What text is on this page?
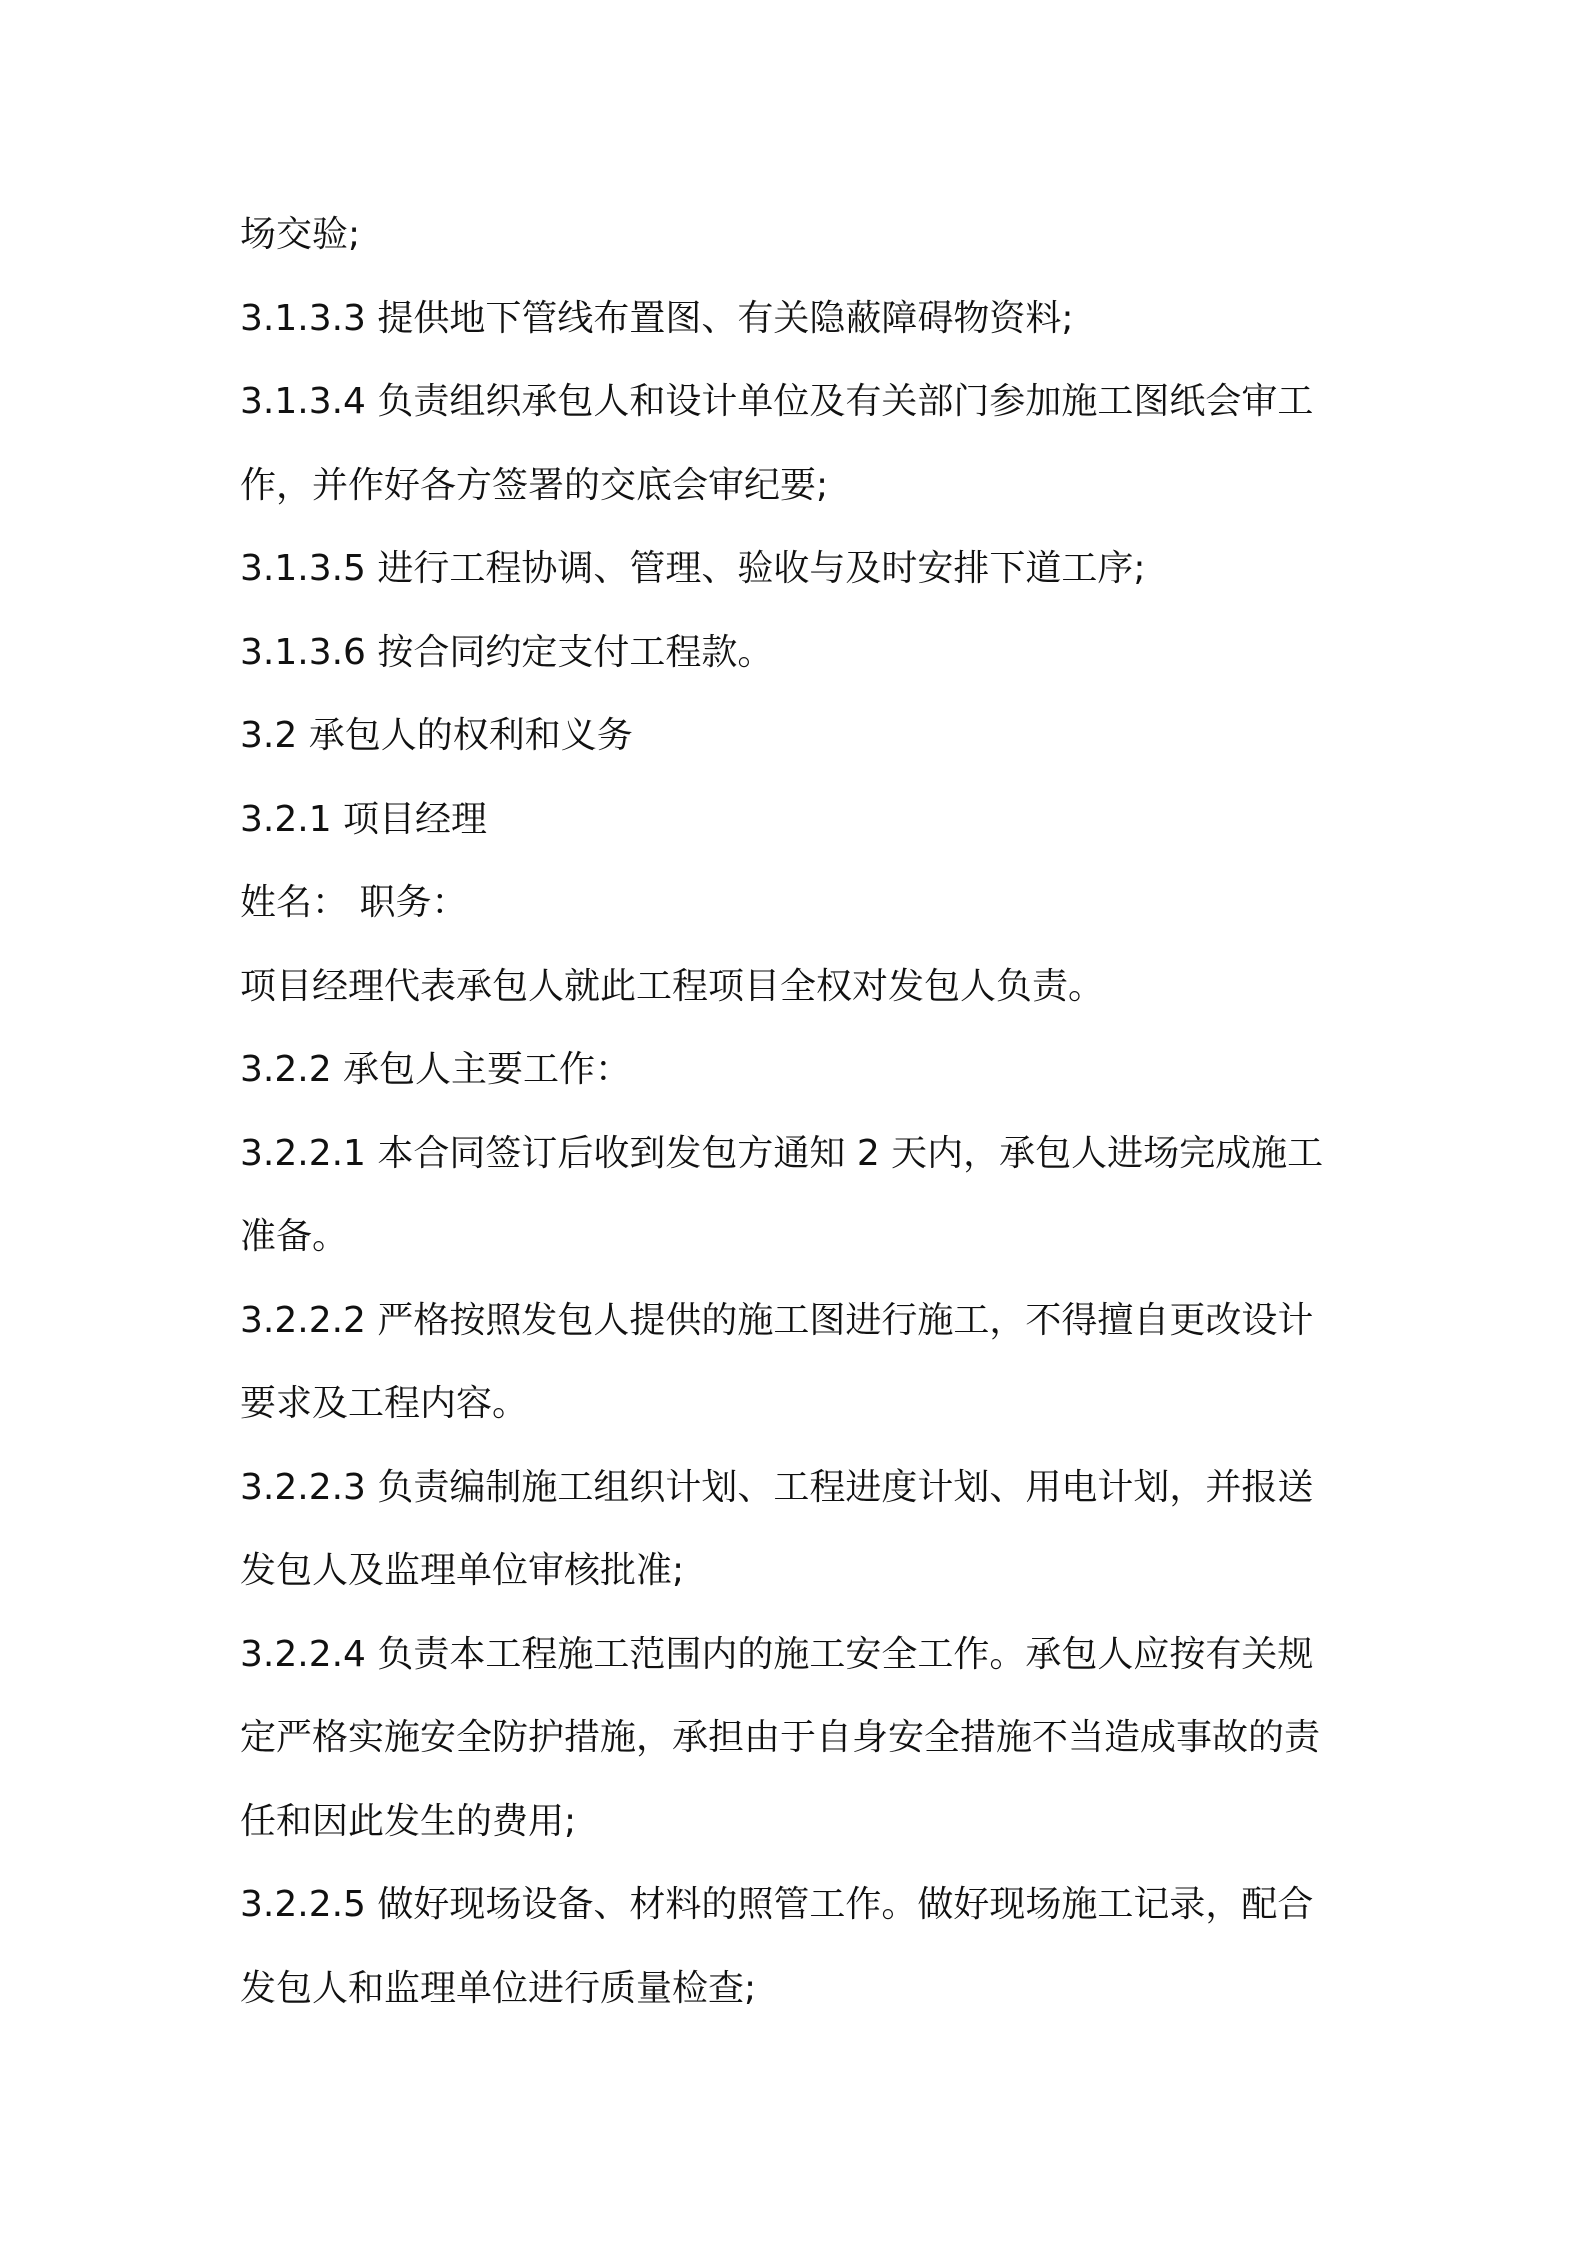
场交验;

3.1.3.3 提供地下管线布置图、有关隐蔽障碍物资料;

3.1.3.4 负责组织承包人和设计单位及有关部门参加施工图纸会审工

作，并作好各方签署的交底会审纪要;

3.1.3.5 进行工程协调、管理、验收与及时安排下道工序;

3.1.3.6 按合同约定支付工程款。

3.2 承包人的权利和义务

3.2.1 项目经理

姓名： 职务：

项目经理代表承包人就此工程项目全权对发包人负责。

3.2.2 承包人主要工作：

3.2.2.1 本合同签订后收到发包方通知 2 天内，承包人进场完成施工

准备。

3.2.2.2 严格按照发包人提供的施工图进行施工，不得擅自更改设计

要求及工程内容。

3.2.2.3 负责编制施工组织计划、工程进度计划、用电计划，并报送

发包人及监理单位审核批准;

3.2.2.4 负责本工程施工范围内的施工安全工作。承包人应按有关规

定严格实施安全防护措施，承担由于自身安全措施不当造成事故的责

任和因此发生的费用;

3.2.2.5 做好现场设备、材料的照管工作。做好现场施工记录，配合

发包人和监理单位进行质量检查;
